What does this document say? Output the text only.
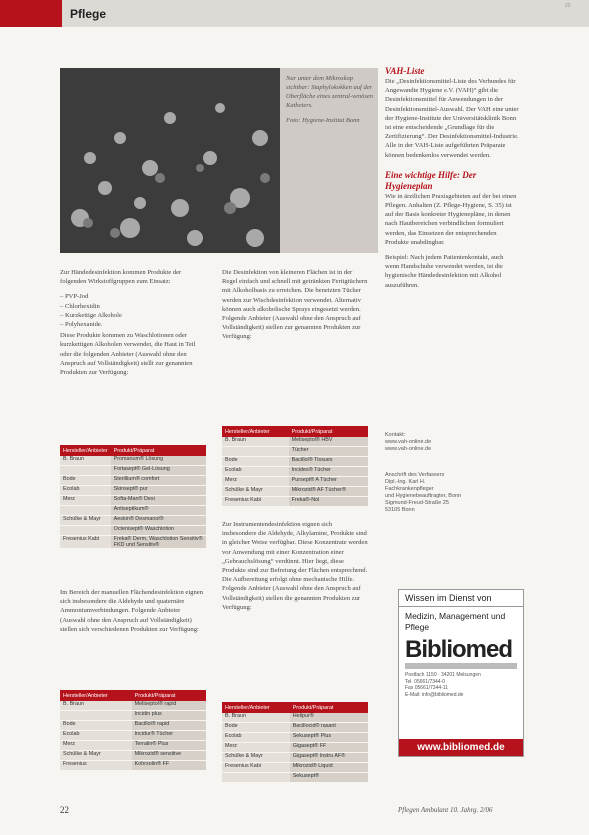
Pflege
29
Nur unter dem Mikroskop sichtbar: Staphylokokken auf der Oberfläche eines zentral-venösen Katheters.
Foto: Hygiene-Institut Bonn

Zur Händedesinfektion kommen Produkte der folgenden Wirkstoffgruppen zum Einsatz:

– PVP-Jod
– Chlorhexidin
– Kurzkettige Alkohole
– Polyhexanide.

Diese Produkte kommen zu Waschlotionen oder kurzkettigen Alkoholen verwendet, die Haut in Teil oder die folgenden Anbieter (Auswahl ohne den Anspruch auf Vollständigkeit) stellt zur genannten Produkten zur Verfügung:

Hersteller/Anbieter	Produkt/Präparat
B. Braun	Promanum® Lösung
	Fortasept® Gel-Lösung
Bode	Sterillium® comfort
Ecolab	Skinsept® pur
Merz	Softa-Man® Desi
	Antiseptikum®
Schülke & Mayr	Aeskin® Desmanol®
	Octenisept® Waschlotion
Fresenius Kabi	Freka® Derm, Waschlotion Sensitiv® FKD und Sensitiv®

Im Bereich der manuellen Flächendesinfektion eignen sich insbesondere die Aldehyde und quaternäre Ammoniumverbindungen. Folgende Anbieter (Auswahl ohne den Anspruch auf Vollständigkeit) stellen sich verschiedenen Produkten zur Verfügung:

Hersteller/Anbieter	Produkt/Präparat
B. Braun	Meliseptol® rapid
	Incidin plus
Bode	Bacillol® rapid
Ecolab	Incidur® Tücher
Merz	Terralin® Plus
Schülke & Mayr	Mikrozid® sensitive
Fresenius	Kohrsolin® FF

Die Desinfektion von kleineren Flächen ist in der Regel einfach und schnell mit getränkten Fertigtüchern mit Alkoholbasis zu erreichen. Die benetzten Tücher werden zur Wischdesinfektion verwendet. Alternativ können auch alkoholische Sprays eingesetzt werden. Folgende Anbieter (Auswahl ohne den Anspruch auf Vollständigkeit) stellen zur genannten Produkten zur Verfügung:

Hersteller/Anbieter	Produkt/Präparat
B. Braun	Meliseptol® HBV
	Tücher
Bode	Bacillol® Tissues
Ecolab	Incides® Tücher
Merz	Pursept® A Tücher
Schülke & Mayr	Mikrozid® AF Tücher®
Fresenius Kabi	Freka®-Nol

Zur Instrumentendesinfektion eignen sich insbesondere die Aldehyde, Alkylamine, Produkte sind in gleicher Weise verfügbar. Diese Konzentrate werden vor Anwendung mit einer Konzentration einer „Gebrauchslösung“ verdünnt. Hier liegt, diese Produkte sind zur Befreiung der Flächen entsprechend. Die Aufbereitung erfolgt ohne mechanische Hilfe. Folgende Anbieter (Auswahl ohne den Anspruch auf Vollständigkeit) stellen die genannten Produkten zur Verfügung:

Hersteller/Anbieter	Produkt/Präparat
B. Braun	Helipur®
Bode	Bacillocid® rasant
Ecolab	Sekusept® Plus
Merz	Gigasept® FF
Schülke & Mayr	Gigasept® Instru AF®
Fresenius Kabi	Mikrozid® Liquid
	Sekusept®
VAH-Liste

Die „Desinfektionsmittel-Liste des Verbundes für Angewandte Hygiene e.V. (VAH)“ gibt die Desinfektionsmittel für Anwendungen in der Desinfektionsmittel-Auswahl. Der VAH eine unter der Hygiene-Institute der Universitätsklinik Bonn ist eine entscheidende „Grundlage für die Zertifizierung“. Der Desinfektionsmittel-Industrie. Alle in der VAH-Liste aufgeführten Präparate können bedenkenlos verwendet werden.

Eine wichtige Hilfe: Der Hygieneplan

Wie in ärztlichen Praxisgebieten auf der bei einen Pflegen. Anhalten (Z. Pflege-Hygiene, S. 35) ist auf der Basis konkreter Hygienepläne, in denen nach Hautbereichen verbindlichen formuliert werden, das Einsetzen der entsprechenden Produkte unabdingbar.

Beispiel: Nach jedem Patientenkontakt, auch wenn Handschuhe verwendet werden, ist die hygienische Händedesinfektion mit Alkohol auszuführen.

Kontakt:
www.vah-online.de
www.vah-online.de
Anschrift des Verfassers
Dipl.-Ing. Karl H.
Fachkrankenpfleger
und Hygienebeauftragter, Bonn
Sigmund-Freud-Straße 25
53105 Bonn
Wissen im Dienst von
Medizin, Management und Pflege
Bibliomed
Postfach 1150 · 34201 Melsungen
Tel. 05661/7344-0
Fax 05661/7344-11
E-Mail: info@bibliomed.de
www.bibliomed.de
22	Pflegen Ambulant 10. Jahrg. 2/06
